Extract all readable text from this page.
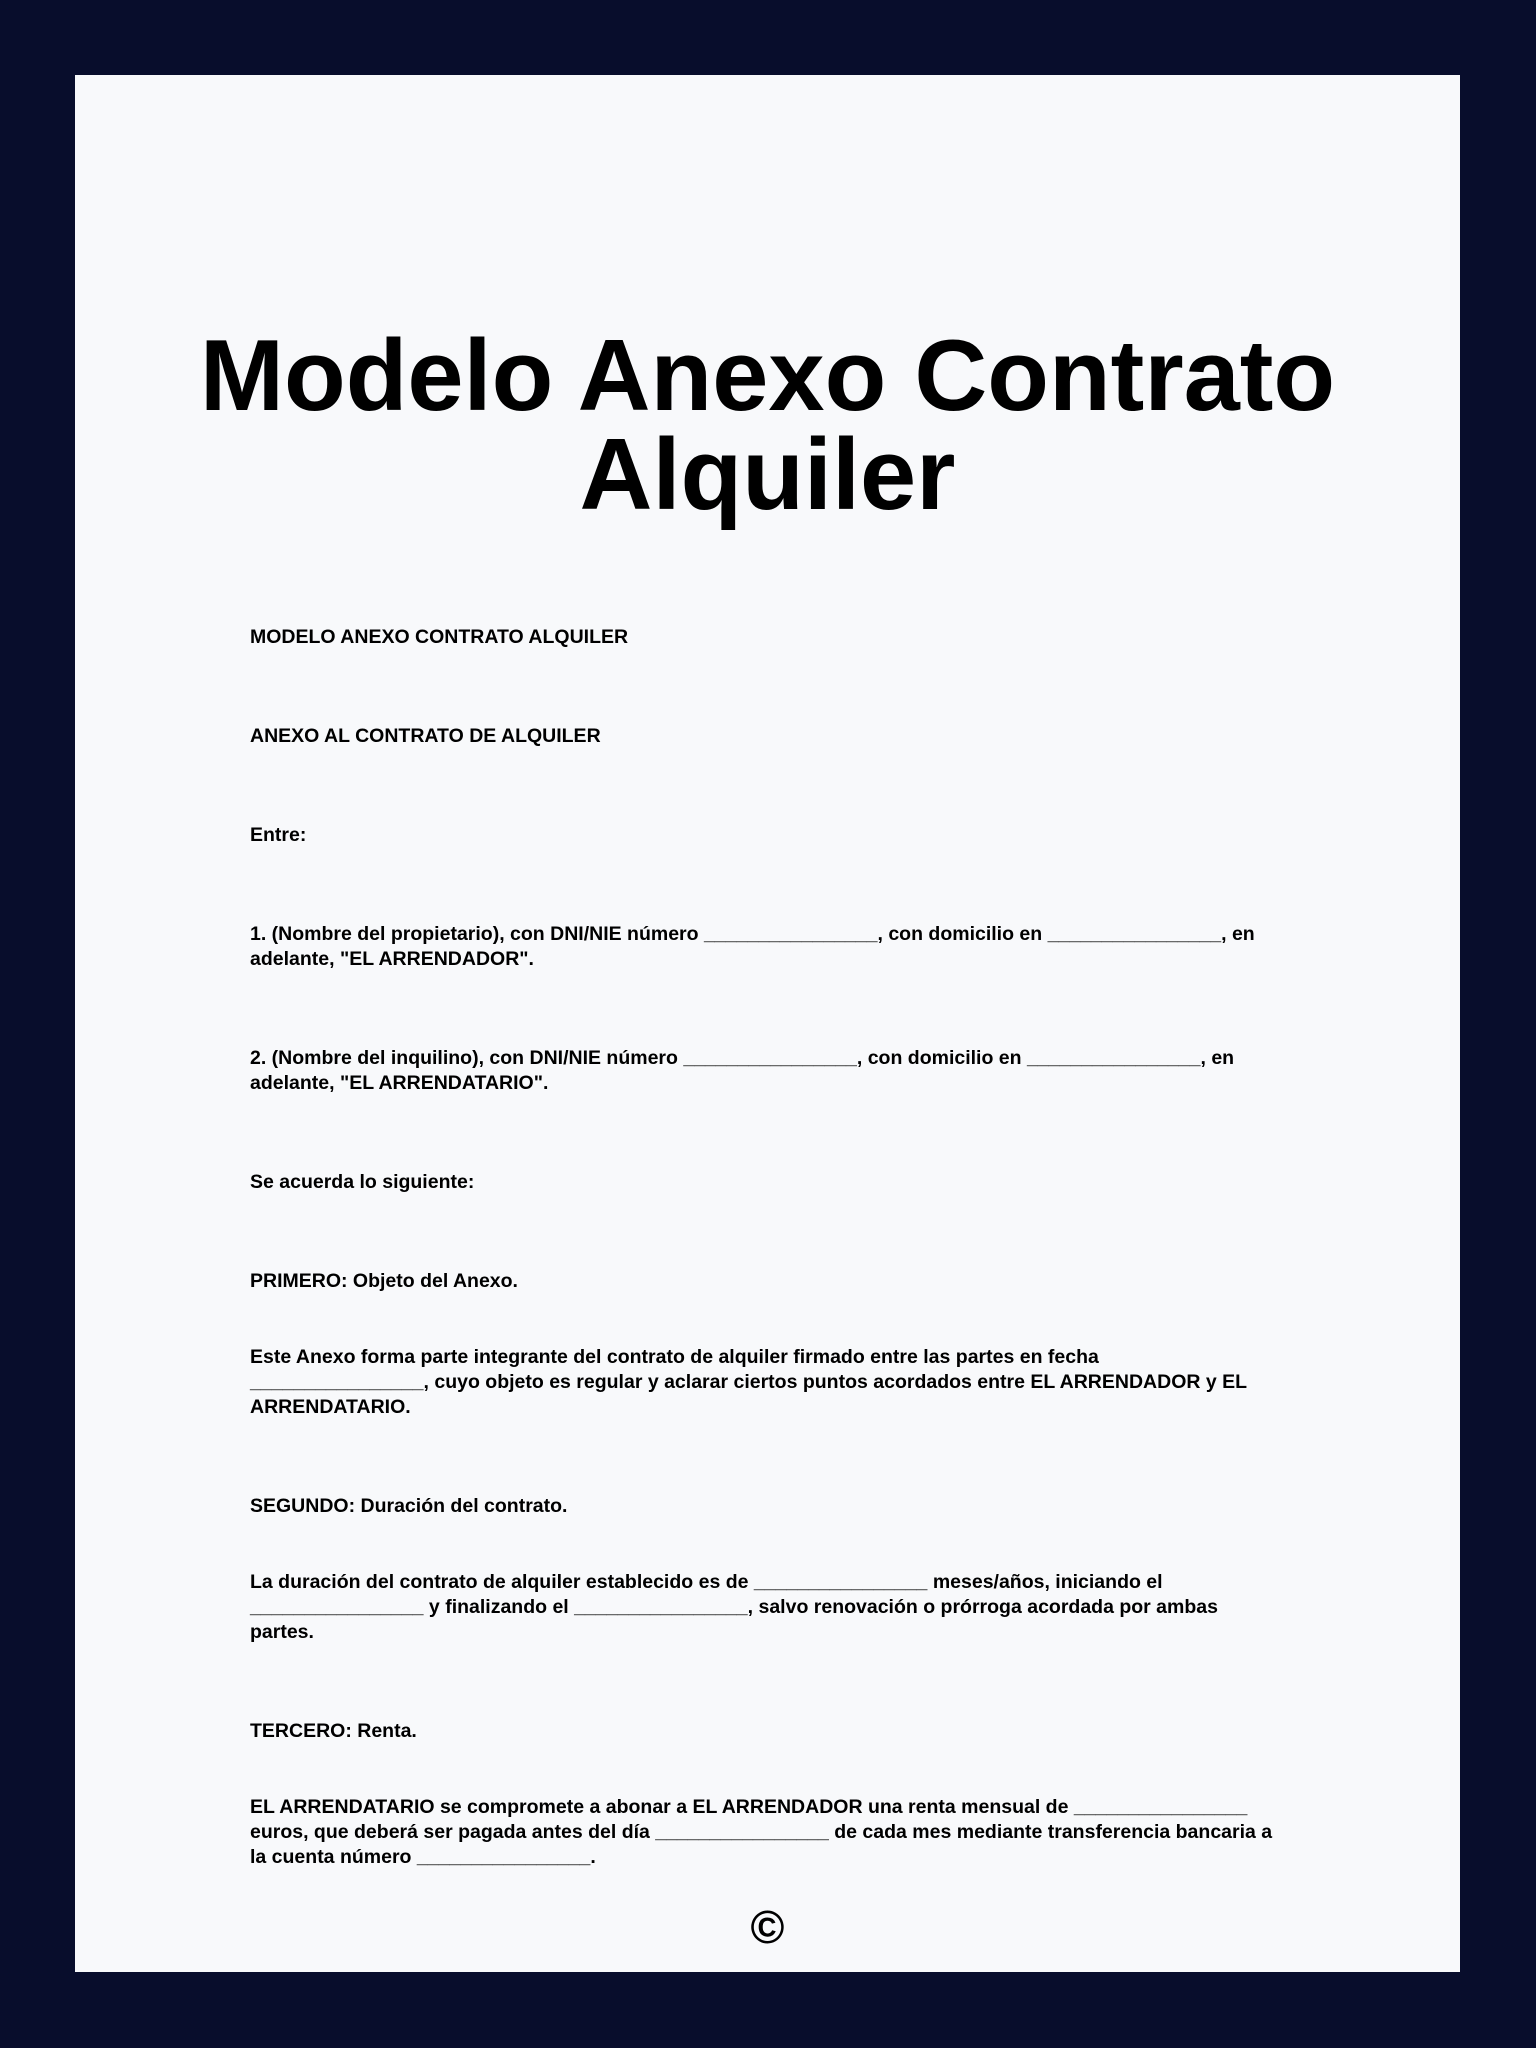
Modelo Anexo Contrato Alquiler

MODELO ANEXO CONTRATO ALQUILER

ANEXO AL CONTRATO DE ALQUILER

Entre:

1. (Nombre del propietario), con DNI/NIE número ________________, con domicilio en ________________, en adelante, "EL ARRENDADOR".

2. (Nombre del inquilino), con DNI/NIE número ________________, con domicilio en ________________, en adelante, "EL ARRENDATARIO".

Se acuerda lo siguiente:

PRIMERO: Objeto del Anexo.

Este Anexo forma parte integrante del contrato de alquiler firmado entre las partes en fecha ________________, cuyo objeto es regular y aclarar ciertos puntos acordados entre EL ARRENDADOR y EL ARRENDATARIO.

SEGUNDO: Duración del contrato.

La duración del contrato de alquiler establecido es de ________________ meses/años, iniciando el ________________ y finalizando el ________________, salvo renovación o prórroga acordada por ambas partes.

TERCERO: Renta.

EL ARRENDATARIO se compromete a abonar a EL ARRENDADOR una renta mensual de ________________ euros, que deberá ser pagada antes del día ________________ de cada mes mediante transferencia bancaria a la cuenta número ________________.

©
